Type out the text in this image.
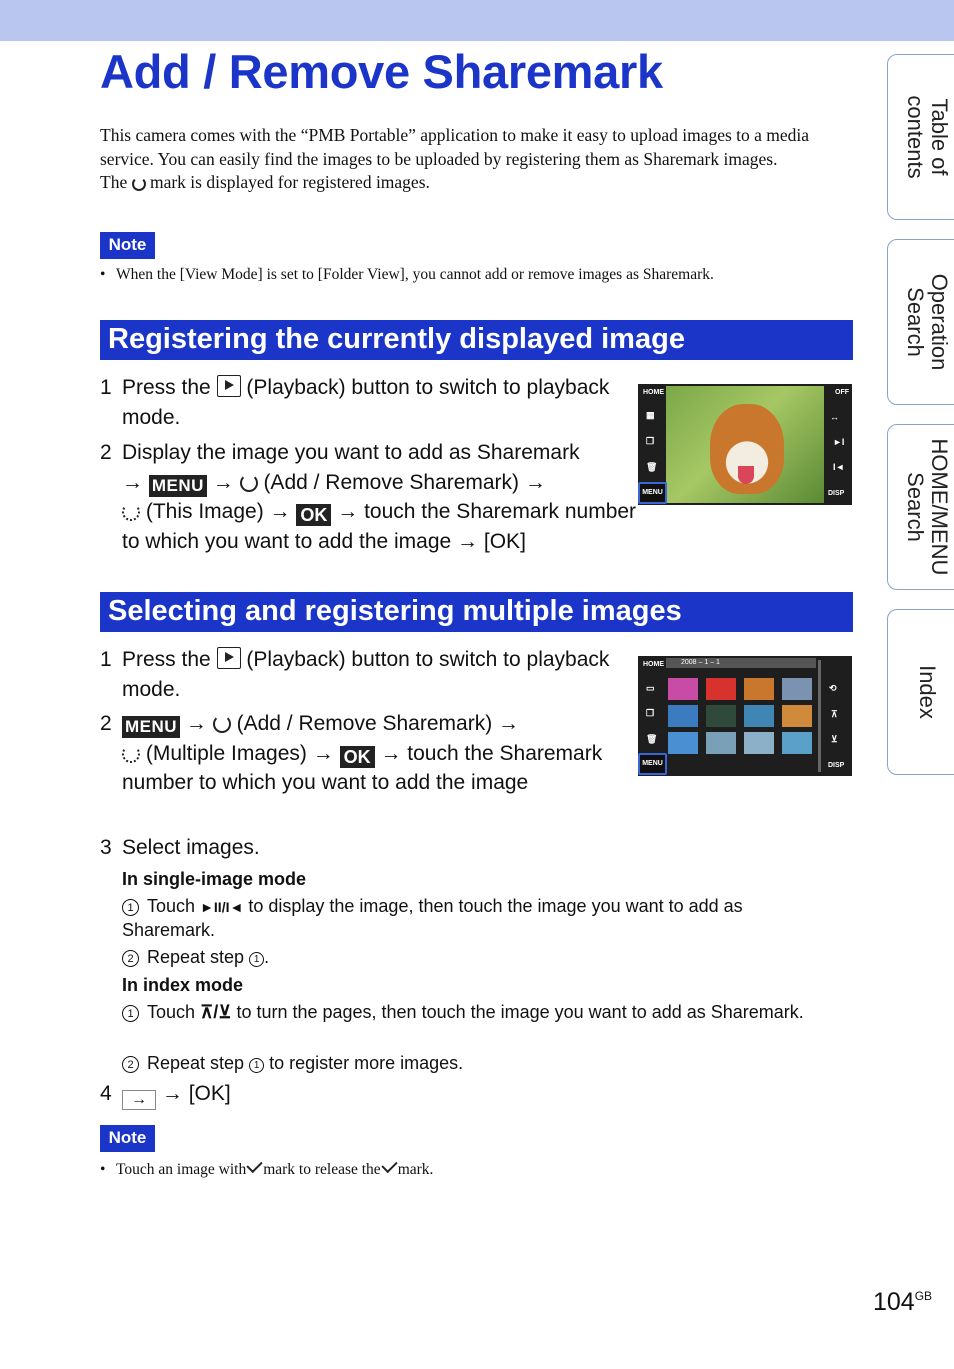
Add / Remove Sharemark

This camera comes with the “PMB Portable” application to make it easy to upload images to a media service. You can easily find the images to be uploaded by registering them as Sharemark images.

The mark is displayed for registered images.

Note
• When the [View Mode] is set to [Folder View], you cannot add or remove images as Sharemark.
Registering the currently displayed image
1 Press the (Playback) button to switch to playback mode.
2 Display the image you want to add as Sharemark
→ MENU → (Add / Remove Sharemark) →
(This Image) → OK → touch the Sharemark number to which you want to add the image → [OK]
HOME	OFF
▦
❐
🗑
↔
►I
I◄
DISP
MENU
Selecting and registering multiple images
1 Press the (Playback) button to switch to playback mode.
2 MENU → (Add / Remove Sharemark) →
(Multiple Images) → OK → touch the Sharemark number to which you want to add the image
2008 – 1 – 1
HOME
▭
❐
🗑
⟲
⊼
⊻
DISP
MENU
3 Select images.
In single-image mode
1 Touch ►II/I◄ to display the image, then touch the image you want to add as Sharemark.
2 Repeat step 1 .
In index mode
1 Touch ⊼/⊻ to turn the pages, then touch the image you want to add as Sharemark.
2 Repeat step 1 to register more images.
4	→ → [OK]
Note
• Touch an image with mark to release the mark.
Table of contents
Operation Search
HOME/MENU Search
Index
$104^{GB}$
